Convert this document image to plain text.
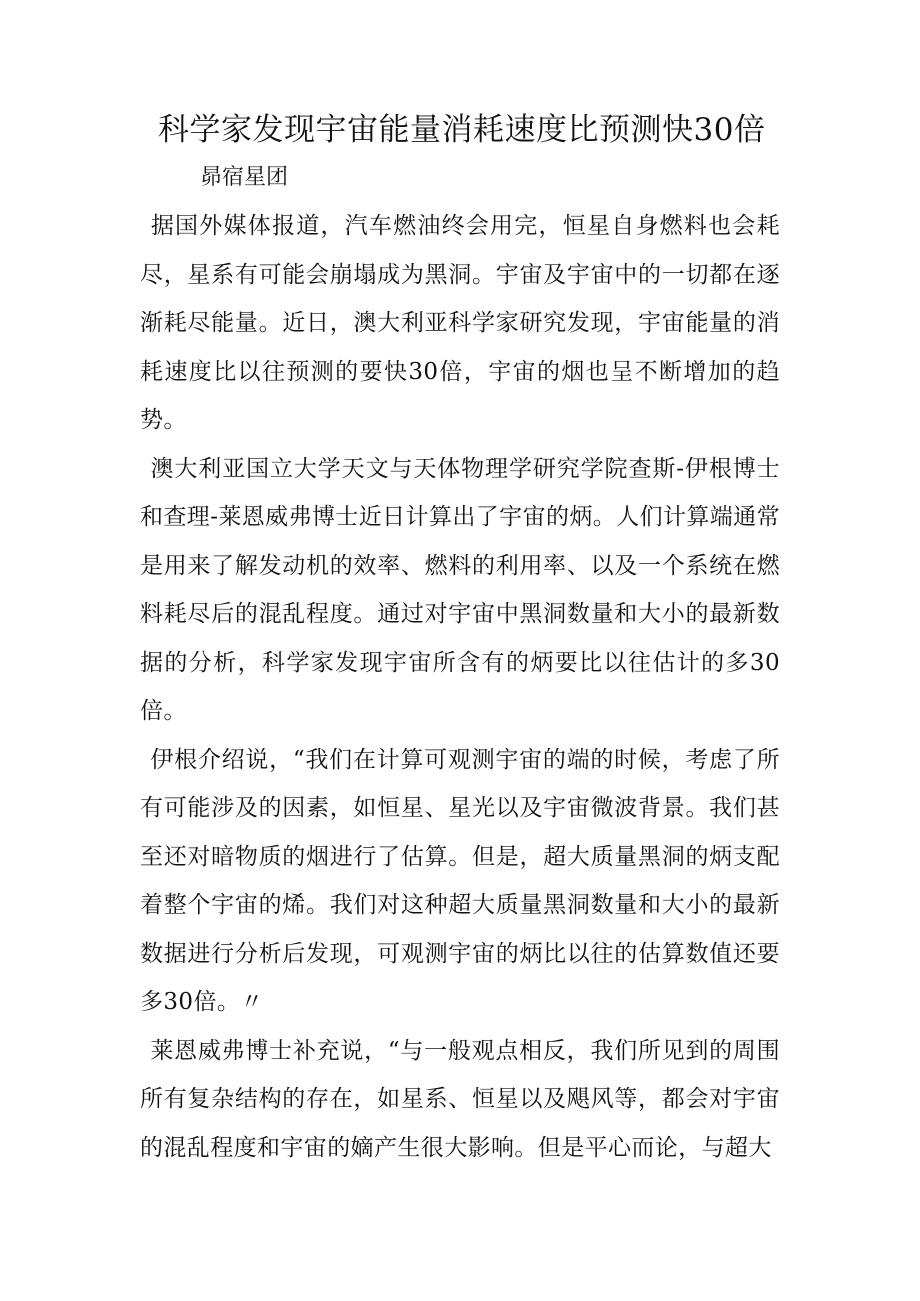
科学家发现宇宙能量消耗速度比预测快30倍
昴宿星团

据国外媒体报道，汽车燃油终会用完，恒星自身燃料也会耗尽，星系有可能会崩塌成为黑洞。宇宙及宇宙中的一切都在逐渐耗尽能量。近日，澳大利亚科学家研究发现，宇宙能量的消耗速度比以往预测的要快30倍，宇宙的烟也呈不断增加的趋势。

澳大利亚国立大学天文与天体物理学研究学院查斯-伊根博士和查理-莱恩威弗博士近日计算出了宇宙的炳。人们计算端通常是用来了解发动机的效率、燃料的利用率、以及一个系统在燃料耗尽后的混乱程度。通过对宇宙中黑洞数量和大小的最新数据的分析，科学家发现宇宙所含有的炳要比以往估计的多30倍。

伊根介绍说，“我们在计算可观测宇宙的端的时候，考虑了所有可能涉及的因素，如恒星、星光以及宇宙微波背景。我们甚至还对暗物质的烟进行了估算。但是，超大质量黑洞的炳支配着整个宇宙的烯。我们对这种超大质量黑洞数量和大小的最新数据进行分析后发现，可观测宇宙的炳比以往的估算数值还要多30倍。〃

莱恩威弗博士补充说，“与一般观点相反，我们所见到的周围所有复杂结构的存在，如星系、恒星以及飓风等，都会对宇宙的混乱程度和宇宙的嫡产生很大影响。但是平心而论，与超大
